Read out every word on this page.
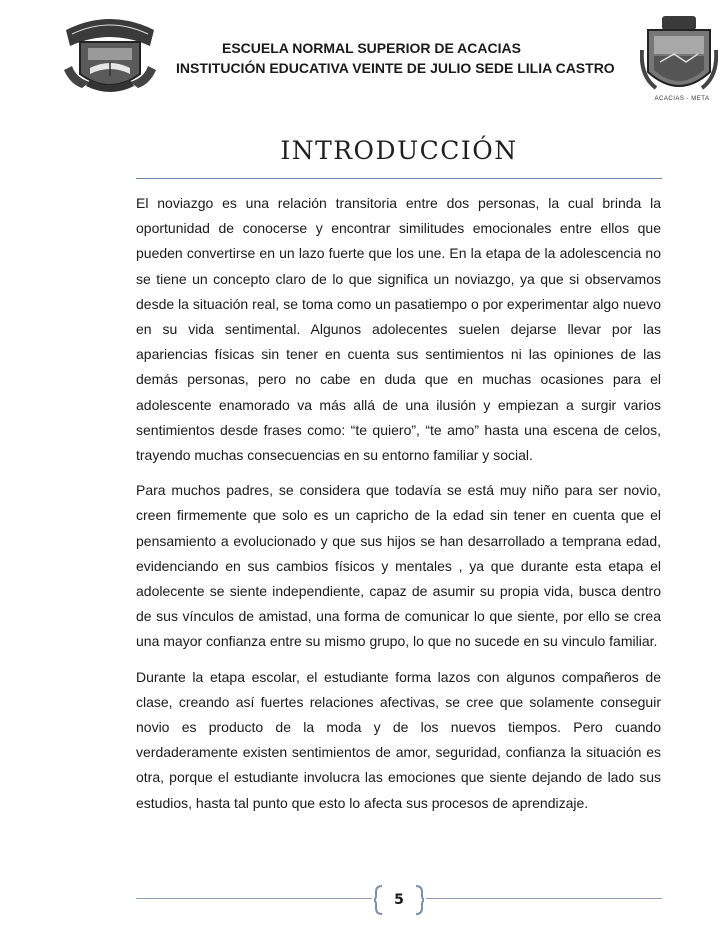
ESCUELA NORMAL SUPERIOR DE ACACIAS
INSTITUCIÓN EDUCATIVA VEINTE DE JULIO SEDE LILIA CASTRO
ACACIAS - META
INTRODUCCIÓN

El noviazgo es una relación transitoria entre dos personas, la cual brinda la oportunidad de conocerse y encontrar similitudes emocionales entre ellos que pueden convertirse en un lazo fuerte que los une. En la etapa de la adolescencia no se tiene un concepto claro de lo que significa un noviazgo, ya que si observamos desde la situación real, se toma como un pasatiempo o por experimentar algo nuevo en su vida sentimental. Algunos adolecentes suelen dejarse llevar por las apariencias físicas sin tener en cuenta sus sentimientos ni las opiniones de las demás personas, pero no cabe en duda que en muchas ocasiones para el adolescente enamorado va más allá de una ilusión y empiezan a surgir varios sentimientos desde frases como: “te quiero”, “te amo” hasta una escena de celos, trayendo muchas consecuencias en su entorno familiar y social.

Para muchos padres, se considera que todavía se está muy niño para ser novio, creen firmemente que solo es un capricho de la edad sin tener en cuenta que el pensamiento a evolucionado y que sus hijos se han desarrollado a temprana edad, evidenciando en sus cambios físicos y mentales , ya que durante esta etapa el adolecente se siente independiente, capaz de asumir su propia vida, busca dentro de sus vínculos de amistad, una forma de comunicar lo que siente, por ello se crea una mayor confianza entre su mismo grupo, lo que no sucede en su vinculo familiar.

Durante la etapa escolar, el estudiante forma lazos con algunos compañeros de clase, creando así fuertes relaciones afectivas, se cree que solamente conseguir novio es producto de la moda y de los nuevos tiempos. Pero cuando verdaderamente existen sentimientos de amor, seguridad, confianza la situación es otra, porque el estudiante involucra las emociones que siente dejando de lado sus estudios, hasta tal punto que esto lo afecta sus procesos de aprendizaje.

5
